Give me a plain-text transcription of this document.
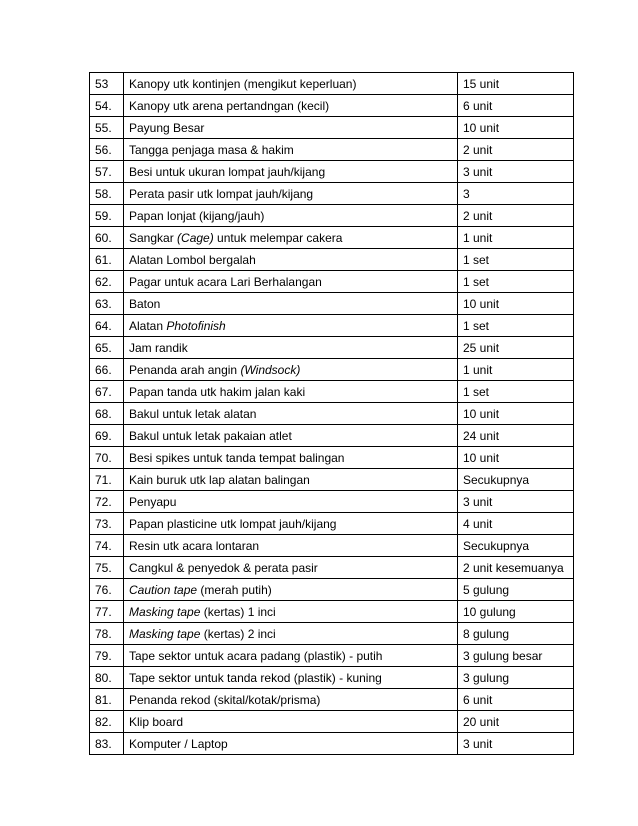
53	Kanopy utk kontinjen (mengikut keperluan)	15 unit
54.	Kanopy utk arena pertandngan (kecil)	6 unit
55.	Payung Besar	10 unit
56.	Tangga penjaga masa & hakim	2 unit
57.	Besi untuk ukuran lompat jauh/kijang	3 unit
58.	Perata pasir utk lompat jauh/kijang	3
59.	Papan lonjat (kijang/jauh)	2 unit
60.	Sangkar (Cage) untuk melempar cakera	1 unit
61.	Alatan Lombol bergalah	1 set
62.	Pagar untuk acara Lari Berhalangan	1 set
63.	Baton	10 unit
64.	Alatan Photofinish	1 set
65.	Jam randik	25 unit
66.	Penanda arah angin (Windsock)	1 unit
67.	Papan tanda utk hakim jalan kaki	1 set
68.	Bakul untuk letak alatan	10 unit
69.	Bakul untuk letak pakaian atlet	24 unit
70.	Besi spikes untuk tanda tempat balingan	10 unit
71.	Kain buruk utk lap alatan balingan	Secukupnya
72.	Penyapu	3 unit
73.	Papan plasticine utk lompat jauh/kijang	4 unit
74.	Resin utk acara lontaran	Secukupnya
75.	Cangkul & penyedok & perata pasir	2 unit kesemuanya
76.	Caution tape (merah putih)	5 gulung
77.	Masking tape (kertas) 1 inci	10 gulung
78.	Masking tape (kertas) 2 inci	8 gulung
79.	Tape sektor untuk acara padang (plastik) - putih	3 gulung besar
80.	Tape sektor untuk tanda rekod (plastik) - kuning	3 gulung
81.	Penanda rekod (skital/kotak/prisma)	6 unit
82.	Klip board	20 unit
83.	Komputer / Laptop	3 unit
